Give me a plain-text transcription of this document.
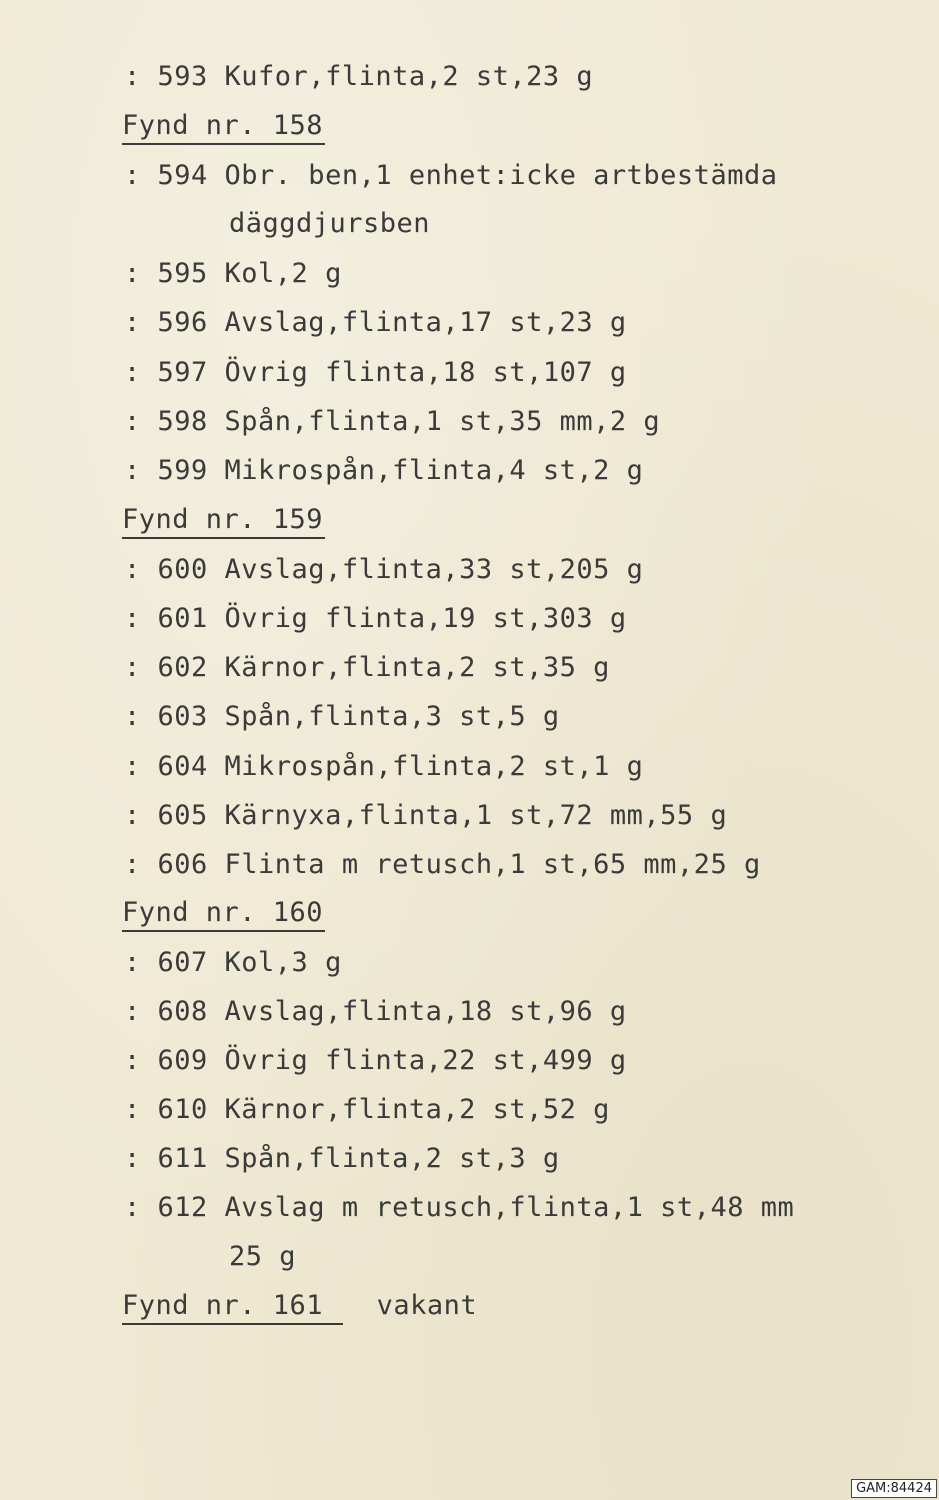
: 593 Kufor,flinta,2 st,23 g
Fynd nr. 158
: 594 Obr. ben,1 enhet:icke artbestämda
däggdjursben
: 595 Kol,2 g
: 596 Avslag,flinta,17 st,23 g
: 597 Övrig flinta,18 st,107 g
: 598 Spån,flinta,1 st,35 mm,2 g
: 599 Mikrospån,flinta,4 st,2 g
Fynd nr. 159
: 600 Avslag,flinta,33 st,205 g
: 601 Övrig flinta,19 st,303 g
: 602 Kärnor,flinta,2 st,35 g
: 603 Spån,flinta,3 st,5 g
: 604 Mikrospån,flinta,2 st,1 g
: 605 Kärnyxa,flinta,1 st,72 mm,55 g
: 606 Flinta m retusch,1 st,65 mm,25 g
Fynd nr. 160
: 607 Kol,3 g
: 608 Avslag,flinta,18 st,96 g
: 609 Övrig flinta,22 st,499 g
: 610 Kärnor,flinta,2 st,52 g
: 611 Spån,flinta,2 st,3 g
: 612 Avslag m retusch,flinta,1 st,48 mm
25 g
Fynd nr. 161 vakant
GAM:84424
